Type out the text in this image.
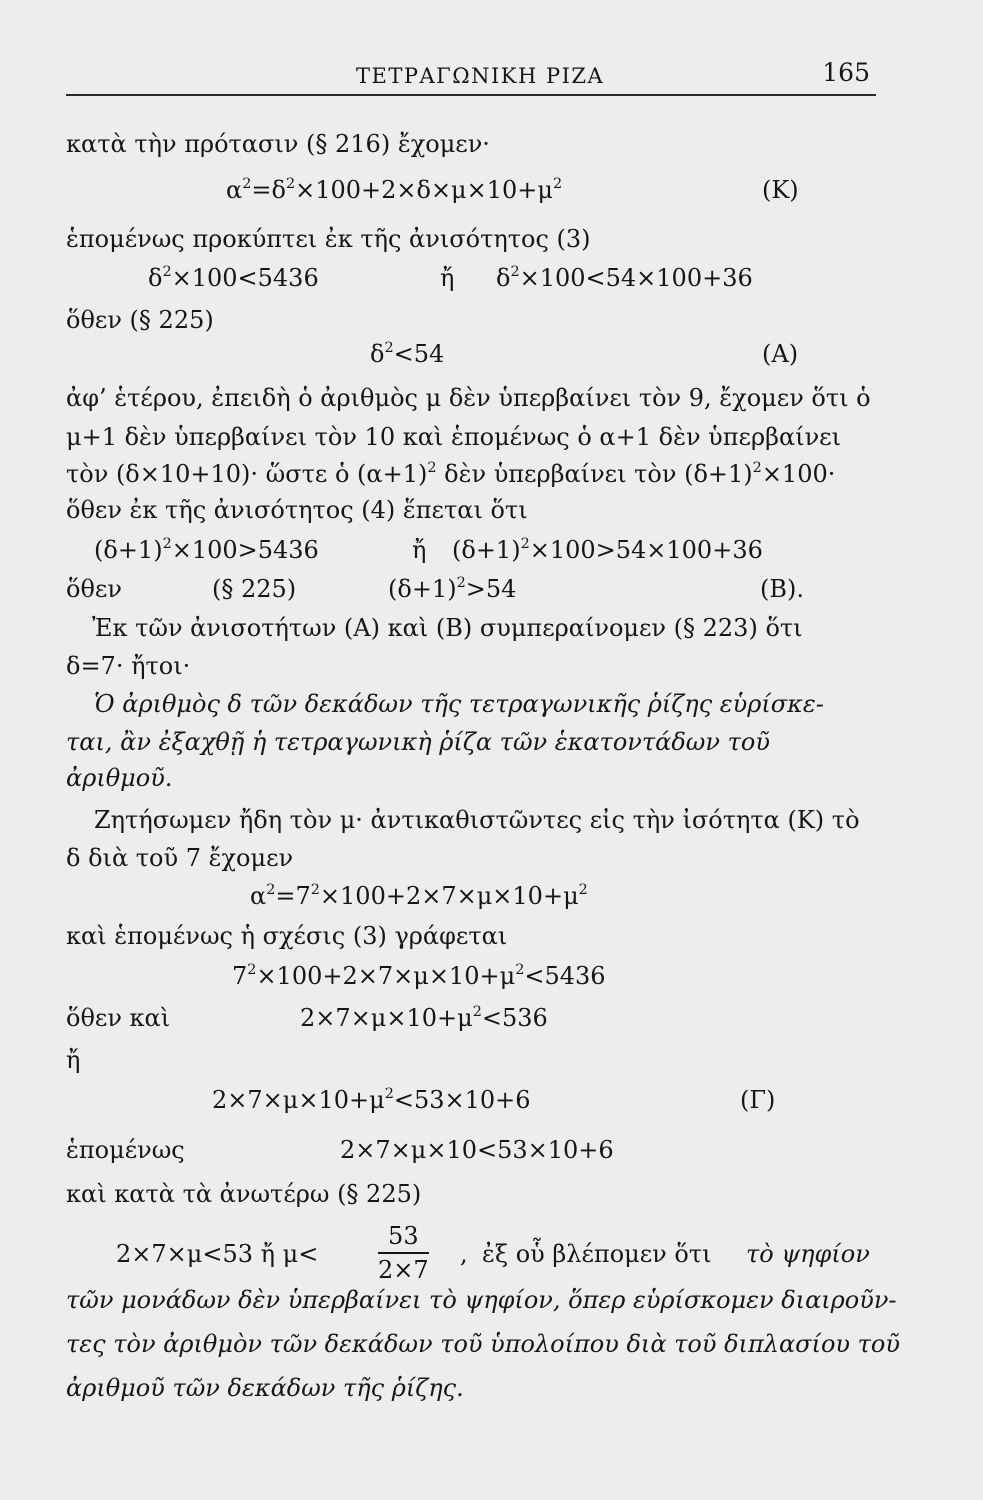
ΤΕΤΡΑΓΩΝΙΚΗ ΡΙΖΑ	165
κατὰ τὴν πρότασιν (§ 216) ἔχομεν·
$\alpha^2=\delta^2\times 100+2\times\delta\times\mu\times 10+\mu^2$	(Κ)
ἑπομένως προκύπτει ἐκ τῆς ἀνισότητος (3)
$\delta^2\times 100<5436$	ἤ $\delta^2\times 100<54\times 100+36$
ὅθεν (§ 225)
$\delta^2<54$	(Α)
ἀφ’ ἑτέρου, ἐπειδὴ ὁ ἀριθμὸς μ δὲν ὑπερβαίνει τὸν 9, ἔχομεν ὅτι ὁ
μ+1 δὲν ὑπερβαίνει τὸν 10 καὶ ἑπομένως ὁ α+1 δὲν ὑπερβαίνει
τὸν (δ×10+10)· ὥστε ὁ $(\alpha+1)^2$ δὲν ὑπερβαίνει τὸν $(\delta+1)^2\times 100\cdot$
ὅθεν ἐκ τῆς ἀνισότητος (4) ἕπεται ὅτι
$(\delta+1)^2\times 100>5436$	ἤ $(\delta+1)^2\times 100>54\times 100+36$
ὅθεν	(§ 225)	$(\delta+1)^2>54$	(Β).
Ἐκ τῶν ἀνισοτήτων (Α) καὶ (Β) συμπεραίνομεν (§ 223) ὅτι
δ=7· ἤτοι·
Ὁ ἀριθμὸς δ τῶν δεκάδων τῆς τετραγωνικῆς ῥίζης εὑρίσκε-
ται, ἂν ἐξαχθῇ ἡ τετραγωνικὴ ῥίζα τῶν ἑκατοντάδων τοῦ
ἀριθμοῦ.
Ζητήσωμεν ἤδη τὸν μ· ἀντικαθιστῶντες εἰς τὴν ἰσότητα (Κ) τὸ
δ διὰ τοῦ 7 ἔχομεν
$\alpha^2=7^2\times 100+2\times 7\times\mu\times 10+\mu^2$
καὶ ἑπομένως ἡ σχέσις (3) γράφεται
$7^2\times 100+2\times 7\times\mu\times 10+\mu^2<5436$
ὅθεν καὶ	$2\times 7\times\mu\times 10+\mu^2<536$
ἤ
$2\times 7\times\mu\times 10+\mu^2<53\times 10+6$	(Γ)
ἑπομένως	2×7×μ×10<53×10+6
καὶ κατὰ τὰ ἀνωτέρω (§ 225)
2×7×μ<53 ἤ $\mu< \frac{53}{2\times 7}$ , ἐξ οὗ βλέπομεν ὅτι τὸ ψηφίον
τῶν μονάδων δὲν ὑπερβαίνει τὸ ψηφίον, ὅπερ εὑρίσκομεν διαιροῦν-
τες τὸν ἀριθμὸν τῶν δεκάδων τοῦ ὑπολοίπου διὰ τοῦ διπλασίου τοῦ
ἀριθμοῦ τῶν δεκάδων τῆς ῥίζης.
